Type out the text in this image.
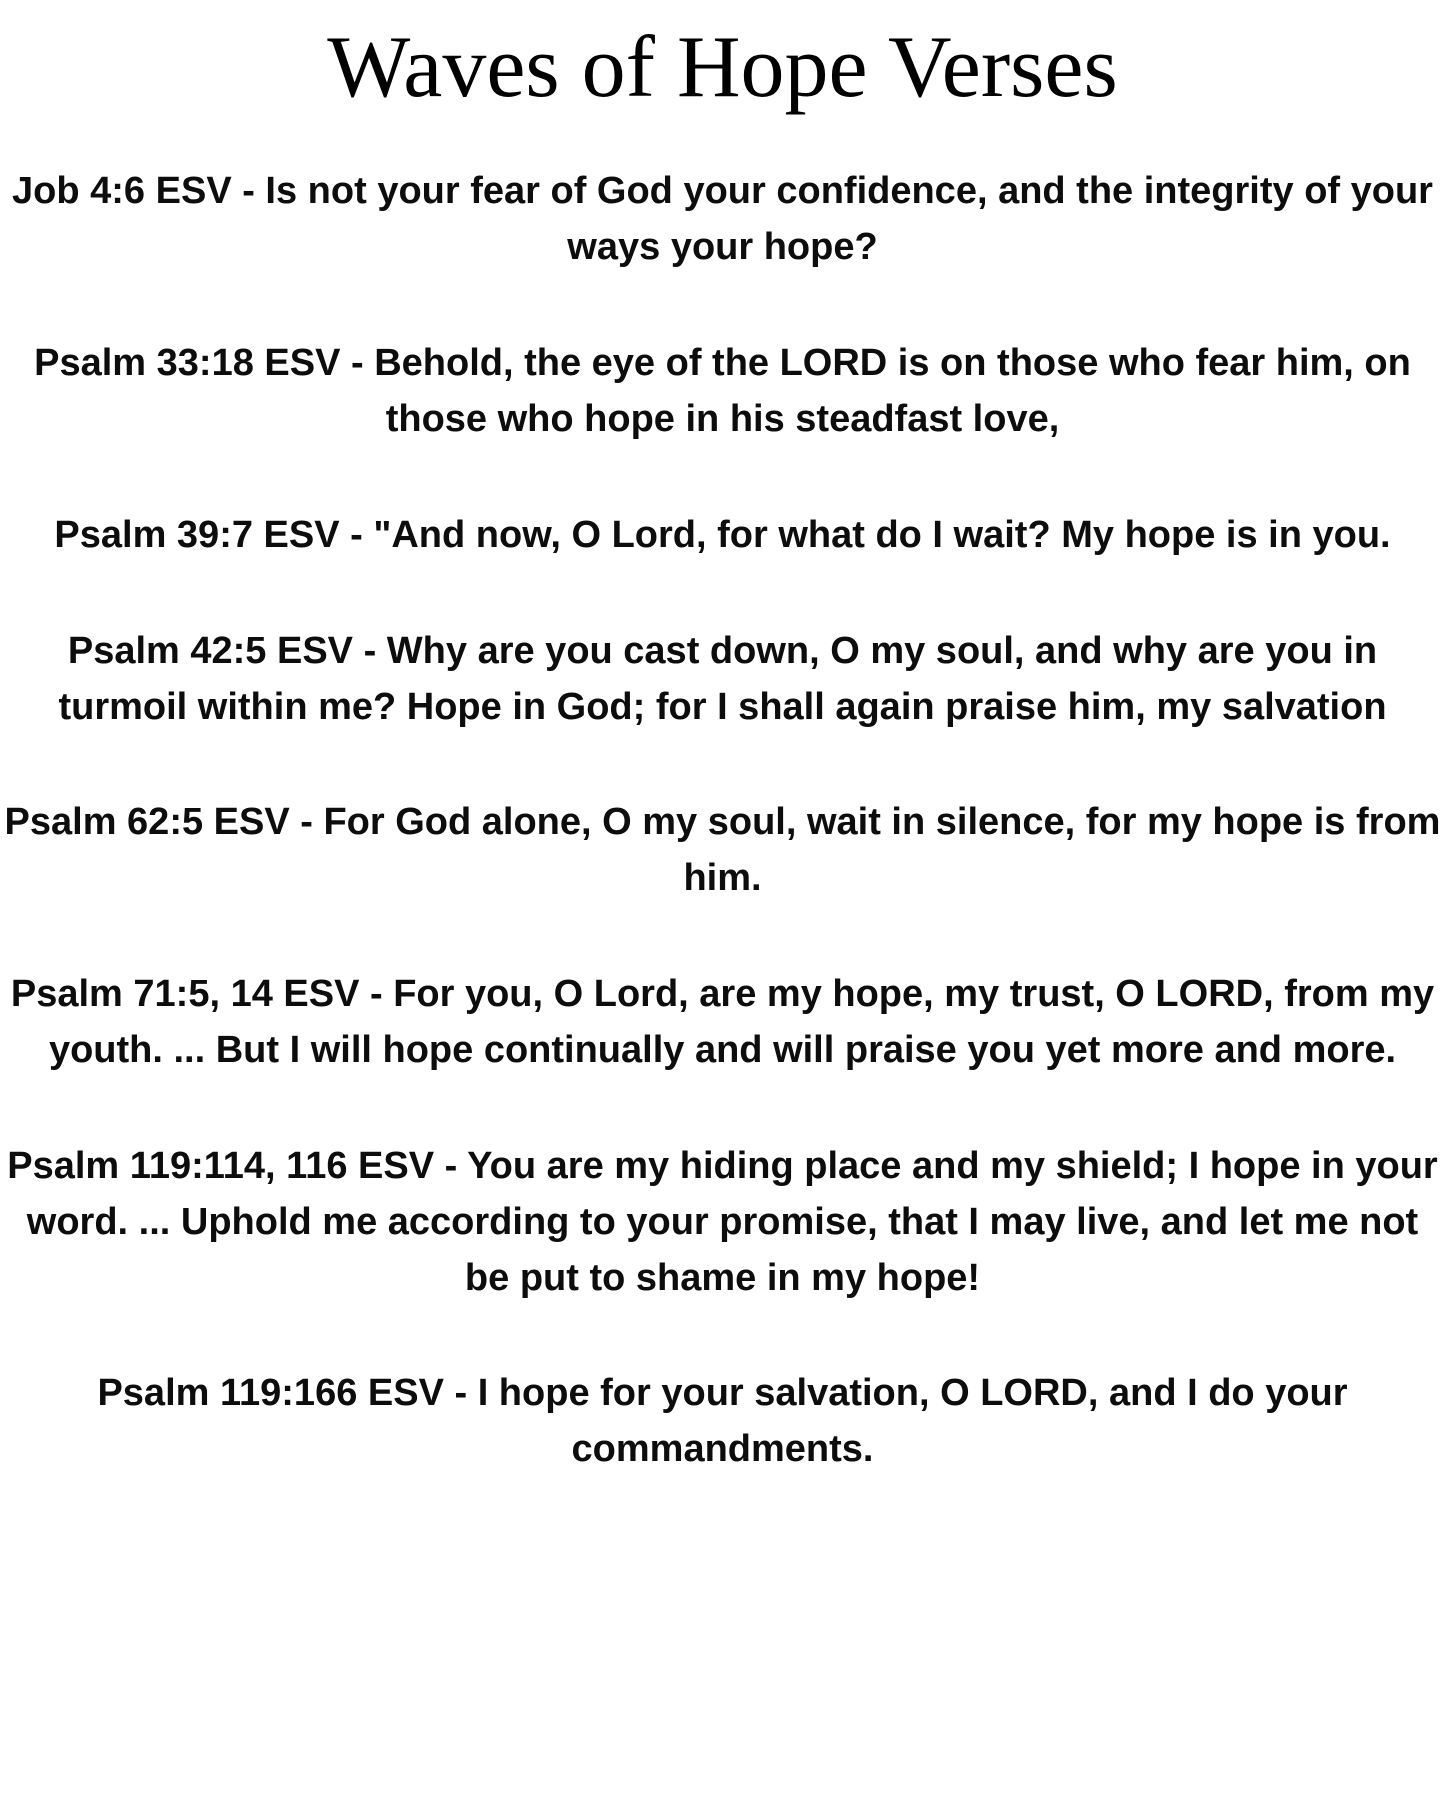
Waves of Hope Verses

Job 4:6 ESV - Is not your fear of God your confidence, and the integrity of your ways your hope?

Psalm 33:18 ESV - Behold, the eye of the LORD is on those who fear him, on those who hope in his steadfast love,

Psalm 39:7 ESV - "And now, O Lord, for what do I wait? My hope is in you.

Psalm 42:5 ESV - Why are you cast down, O my soul, and why are you in turmoil within me? Hope in God; for I shall again praise him, my salvation

Psalm 62:5 ESV - For God alone, O my soul, wait in silence, for my hope is from him.

Psalm 71:5, 14 ESV - For you, O Lord, are my hope, my trust, O LORD, from my youth. ... But I will hope continually and will praise you yet more and more.

Psalm 119:114, 116 ESV - You are my hiding place and my shield; I hope in your word. ... Uphold me according to your promise, that I may live, and let me not be put to shame in my hope!

Psalm 119:166 ESV - I hope for your salvation, O LORD, and I do your commandments.
